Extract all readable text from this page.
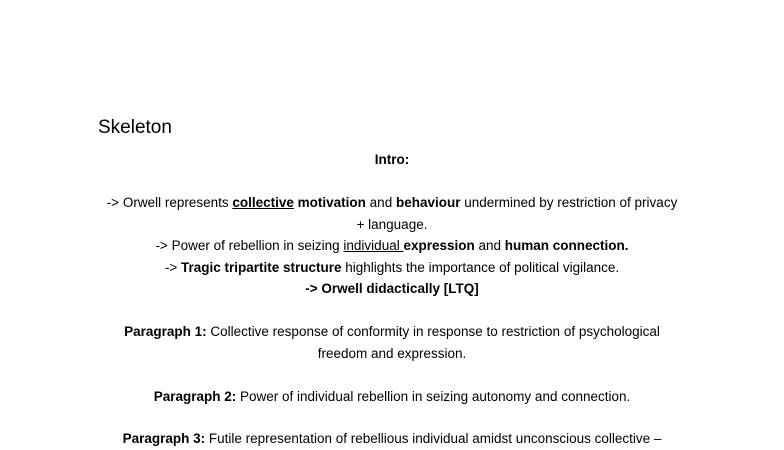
Skeleton
Intro:
-> Orwell represents collective motivation and behaviour undermined by restriction of privacy
+ language.
-> Power of rebellion in seizing individual expression and human connection.
-> Tragic tripartite structure highlights the importance of political vigilance.
-> Orwell didactically [LTQ]
Paragraph 1: Collective response of conformity in response to restriction of psychological
freedom and expression.
Paragraph 2: Power of individual rebellion in seizing autonomy and connection.
Paragraph 3: Futile representation of rebellious individual amidst unconscious collective –
